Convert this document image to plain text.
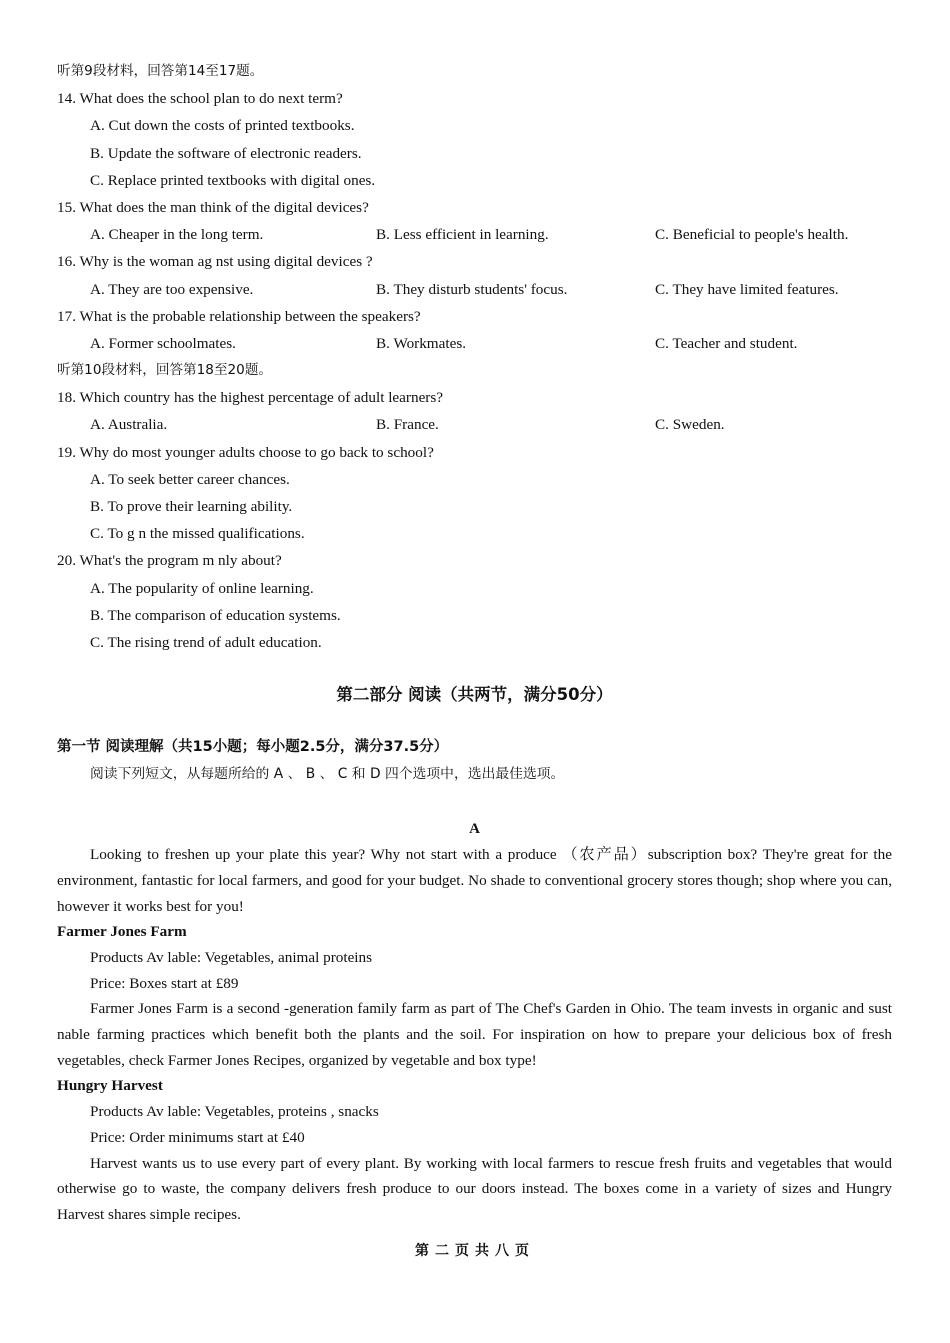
听第9段材料，回答第14至17题。
14. What does the school plan to do next term?
A. Cut down the costs of printed textbooks.
B. Update the software of electronic readers.
C. Replace printed textbooks with digital ones.
15. What does the man think of the digital devices?
A. Cheaper in the long term.	B. Less efficient in learning.	C. Beneficial to people's health.
16. Why is the woman ag nst using digital devices ?
A. They are too expensive.	B. They disturb students' focus.	C. They have limited features.
17. What is the probable relationship between the speakers?
A. Former schoolmates.	B. Workmates.	C. Teacher and student.
听第10段材料，回答第18至20题。
18. Which country has the highest percentage of adult learners?
A. Australia.	B. France.	C. Sweden.
19. Why do most younger adults choose to go back to school?
A. To seek better career chances.
B. To prove their learning ability.
C. To g n the missed qualifications.
20. What's the program m nly about?
A. The popularity of online learning.
B. The comparison of education systems.
C. The rising trend of adult education.
第二部分 阅读（共两节，满分50分）
第一节 阅读理解（共15小题；每小题2.5分，满分37.5分）
阅读下列短文，从每题所给的 A 、 B 、 C 和 D 四个选项中，选出最佳选项。
A

Looking to freshen up your plate this year? Why not start with a produce （农产品）subscription box? They're great for the environment, fantastic for local farmers, and good for your budget. No shade to conventional grocery stores though; shop where you can, however it works best for you!

Farmer Jones Farm
Products Av lable: Vegetables, animal proteins
Price: Boxes start at £89

Farmer Jones Farm is a second -generation family farm as part of The Chef's Garden in Ohio. The team invests in organic and sust nable farming practices which benefit both the plants and the soil. For inspiration on how to prepare your delicious box of fresh vegetables, check Farmer Jones Recipes, organized by vegetable and box type!

Hungry Harvest
Products Av lable: Vegetables, proteins , snacks
Price: Order minimums start at £40

Harvest wants us to use every part of every plant. By working with local farmers to rescue fresh fruits and vegetables that would otherwise go to waste, the company delivers fresh produce to our doors instead. The boxes come in a variety of sizes and Hungry Harvest shares simple recipes.

第二页共八页
